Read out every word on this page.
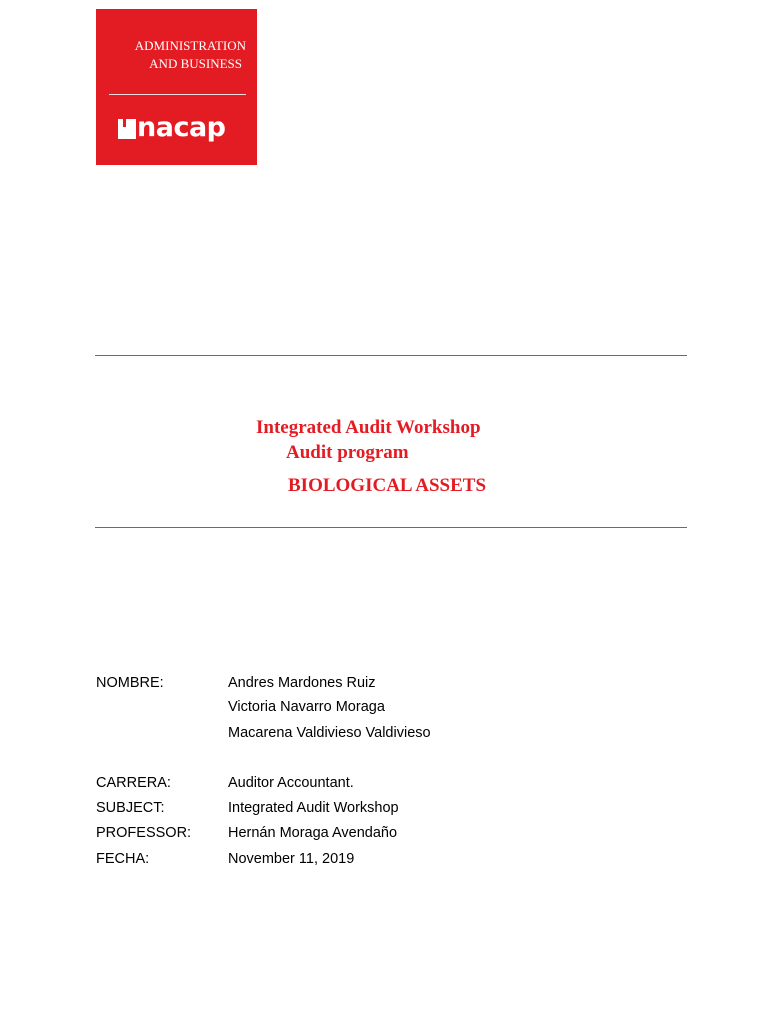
ADMINISTRATION
AND BUSINESS
nacap
Integrated Audit Workshop
Audit program
BIOLOGICAL ASSETS
NOMBRE:	Andres Mardones Ruiz
Victoria Navarro Moraga
Macarena Valdivieso Valdivieso
CARRERA:	Auditor Accountant.
SUBJECT:	Integrated Audit Workshop
PROFESSOR:	Hernán Moraga Avendaño
FECHA:	November 11, 2019
